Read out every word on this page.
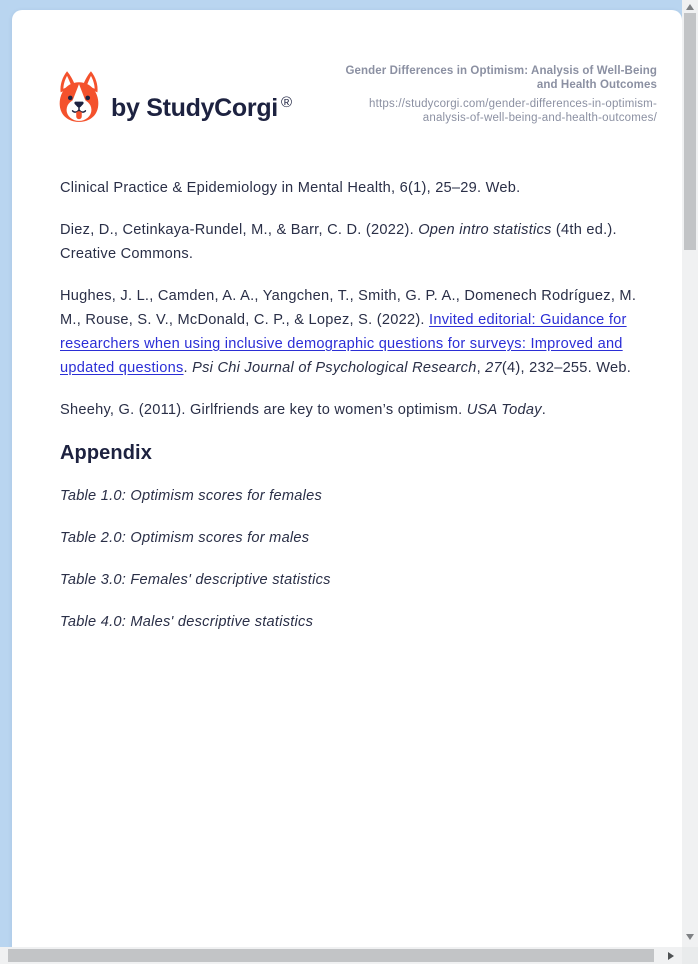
by StudyCorgi ®
Gender Differences in Optimism: Analysis of Well-Being
and Health Outcomes
https://studycorgi.com/gender-differences-in-optimism-
analysis-of-well-being-and-health-outcomes/

Clinical Practice & Epidemiology in Mental Health, 6(1), 25–29. Web.

Diez, D., Cetinkaya-Rundel, M., & Barr, C. D. (2022). Open intro statistics (4th ed.). Creative Commons.

Hughes, J. L., Camden, A. A., Yangchen, T., Smith, G. P. A., Domenech Rodríguez, M. M., Rouse, S. V., McDonald, C. P., & Lopez, S. (2022). Invited editorial: Guidance for researchers when using inclusive demographic questions for surveys: Improved and updated questions. Psi Chi Journal of Psychological Research, 27(4), 232–255. Web.

Sheehy, G. (2011). Girlfriends are key to women’s optimism. USA Today.

Appendix

Table 1.0: Optimism scores for females

Table 2.0: Optimism scores for males

Table 3.0: Females' descriptive statistics

Table 4.0: Males' descriptive statistics
